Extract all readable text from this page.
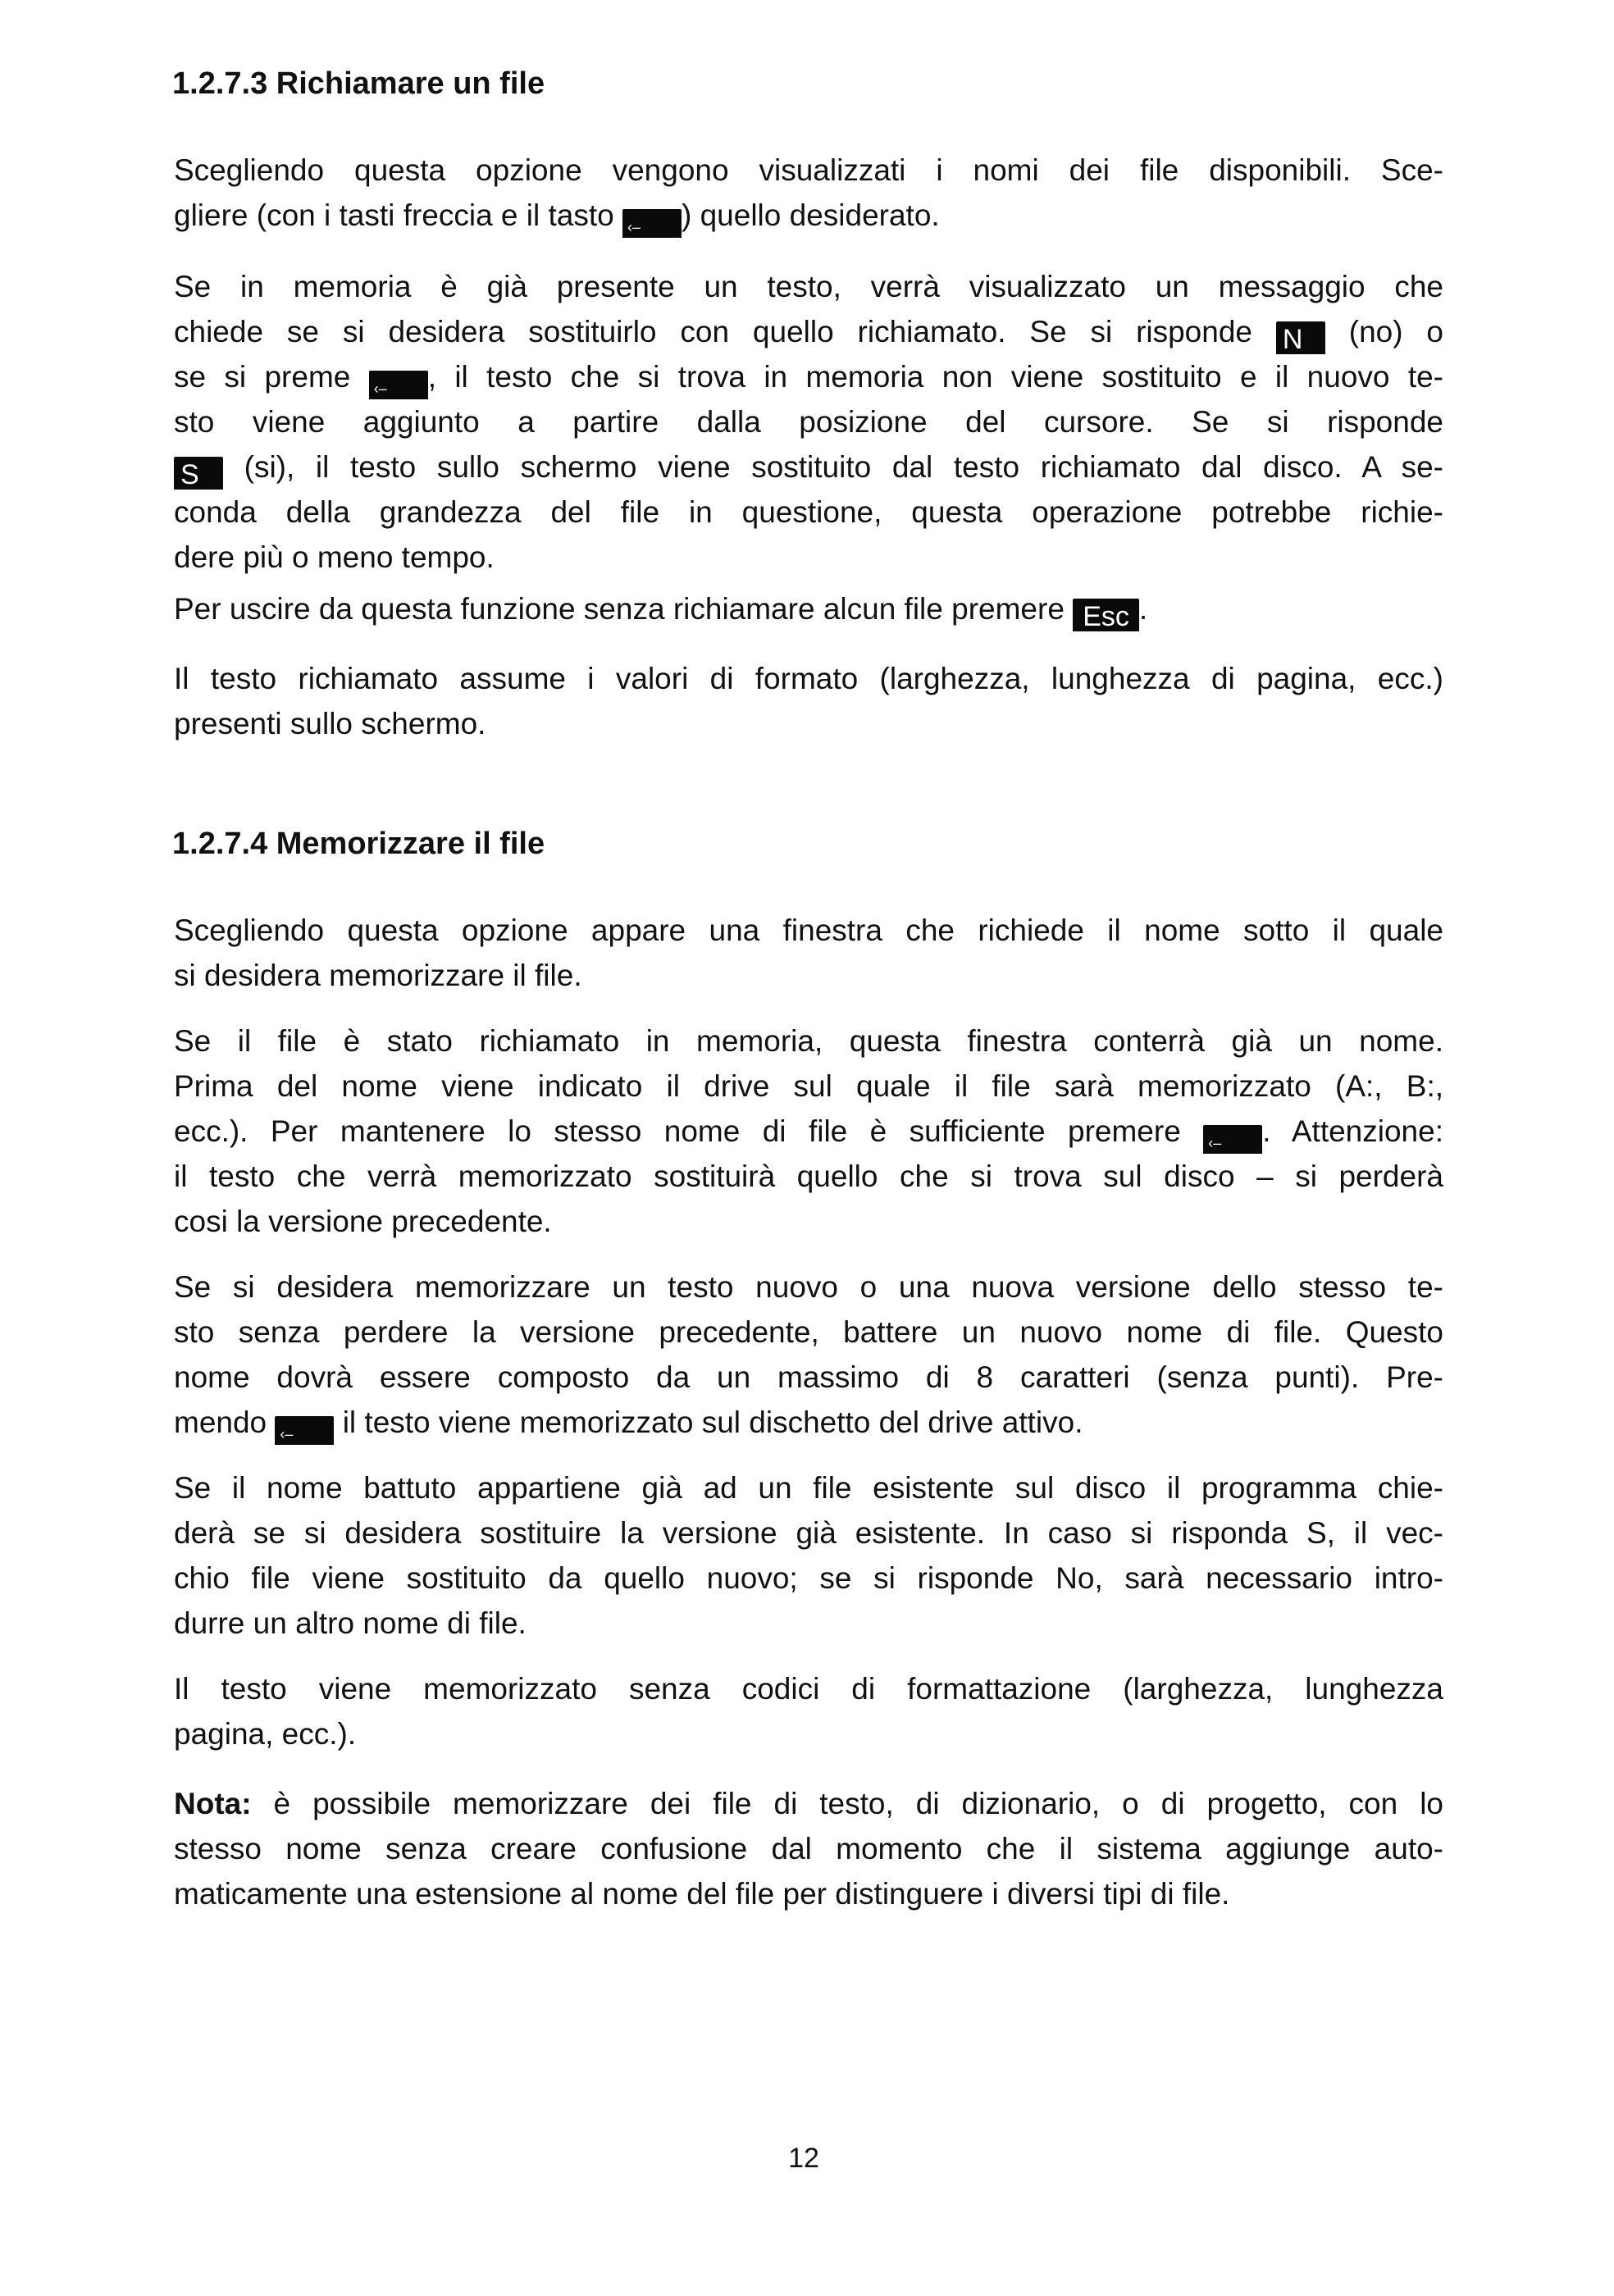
1.2.7.3 Richiamare un file
Scegliendo questa opzione vengono visualizzati i nomi dei file disponibili. Sce-
gliere (con i tasti freccia e il tasto ‹– ) quello desiderato.
Se in memoria è già presente un testo, verrà visualizzato un messaggio che
chiede se si desidera sostituirlo con quello richiamato. Se si risponde N (no) o
se si preme ‹– , il testo che si trova in memoria non viene sostituito e il nuovo te-
sto viene aggiunto a partire dalla posizione del cursore. Se si risponde
S (si), il testo sullo schermo viene sostituito dal testo richiamato dal disco. A se-
conda della grandezza del file in questione, questa operazione potrebbe richie-
dere più o meno tempo.
Per uscire da questa funzione senza richiamare alcun file premere Esc .
Il testo richiamato assume i valori di formato (larghezza, lunghezza di pagina, ecc.)
presenti sullo schermo.
1.2.7.4 Memorizzare il file
Scegliendo questa opzione appare una finestra che richiede il nome sotto il quale
si desidera memorizzare il file.
Se il file è stato richiamato in memoria, questa finestra conterrà già un nome.
Prima del nome viene indicato il drive sul quale il file sarà memorizzato (A:, B:,
ecc.). Per mantenere lo stesso nome di file è sufficiente premere ‹– . Attenzione:
il testo che verrà memorizzato sostituirà quello che si trova sul disco – si perderà
cosi la versione precedente.
Se si desidera memorizzare un testo nuovo o una nuova versione dello stesso te-
sto senza perdere la versione precedente, battere un nuovo nome di file. Questo
nome dovrà essere composto da un massimo di 8 caratteri (senza punti). Pre-
mendo ‹– il testo viene memorizzato sul dischetto del drive attivo.
Se il nome battuto appartiene già ad un file esistente sul disco il programma chie-
derà se si desidera sostituire la versione già esistente. In caso si risponda S, il vec-
chio file viene sostituito da quello nuovo; se si risponde No, sarà necessario intro-
durre un altro nome di file.
Il testo viene memorizzato senza codici di formattazione (larghezza, lunghezza
pagina, ecc.).
Nota: è possibile memorizzare dei file di testo, di dizionario, o di progetto, con lo
stesso nome senza creare confusione dal momento che il sistema aggiunge auto-
maticamente una estensione al nome del file per distinguere i diversi tipi di file.
12
